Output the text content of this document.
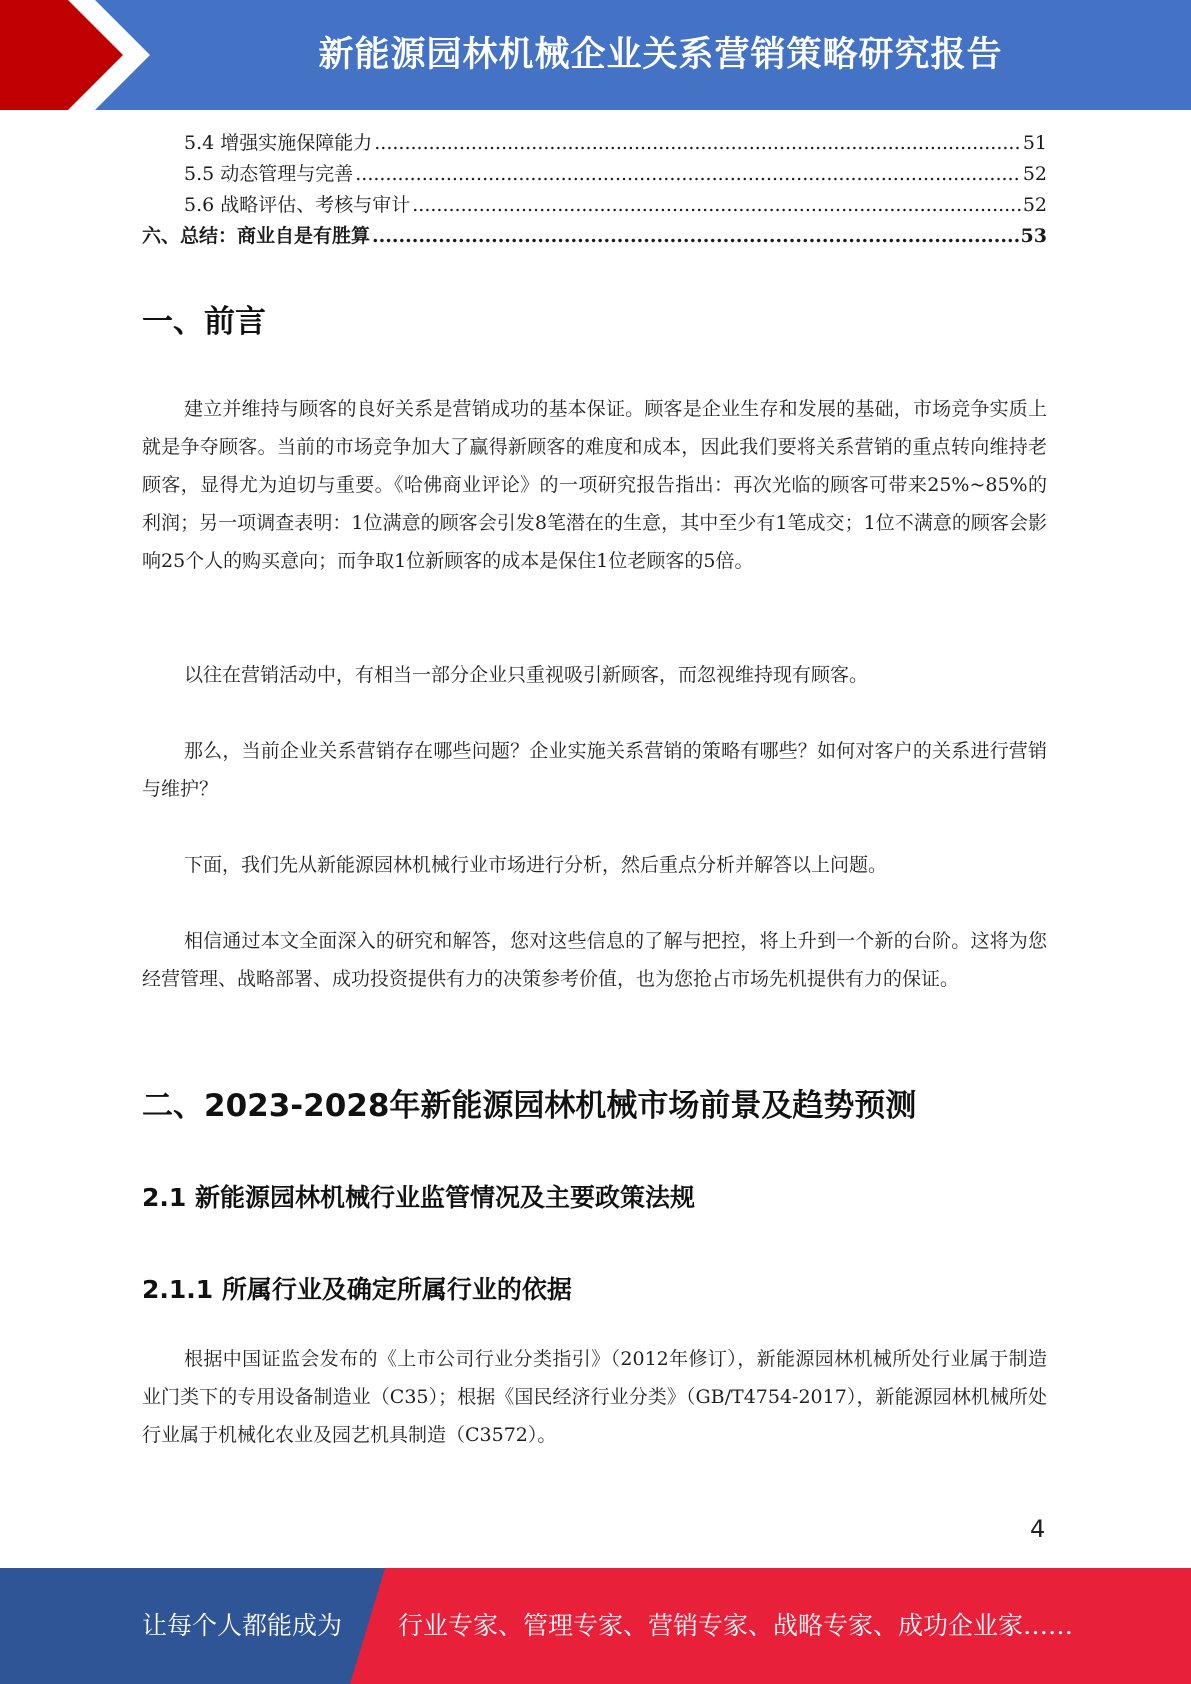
新能源园林机械企业关系营销策略研究报告
5.4 增强实施保障能力 .....	51
5.5 动态管理与完善 .....	52
5.6 战略评估、考核与审计 .....	52
六、总结：商业自是有胜算 .....	53
一、前言

建立并维持与顾客的良好关系是营销成功的基本保证。顾客是企业生存和发展的基础，市场竞争实质上就是争夺顾客。当前的市场竞争加大了赢得新顾客的难度和成本，因此我们要将关系营销的重点转向维持老顾客，显得尤为迫切与重要。《哈佛商业评论》的一项研究报告指出：再次光临的顾客可带来25%~85%的利润；另一项调查表明：1位满意的顾客会引发8笔潜在的生意，其中至少有1笔成交；1位不满意的顾客会影响25个人的购买意向；而争取1位新顾客的成本是保住1位老顾客的5倍。

以往在营销活动中，有相当一部分企业只重视吸引新顾客，而忽视维持现有顾客。

那么，当前企业关系营销存在哪些问题？企业实施关系营销的策略有哪些？如何对客户的关系进行营销与维护？

下面，我们先从新能源园林机械行业市场进行分析，然后重点分析并解答以上问题。

相信通过本文全面深入的研究和解答，您对这些信息的了解与把控，将上升到一个新的台阶。这将为您经营管理、战略部署、成功投资提供有力的决策参考价值，也为您抢占市场先机提供有力的保证。

二、2023-2028年新能源园林机械市场前景及趋势预测
2.1 新能源园林机械行业监管情况及主要政策法规
2.1.1 所属行业及确定所属行业的依据

根据中国证监会发布的《上市公司行业分类指引》（2012年修订），新能源园林机械所处行业属于制造业门类下的专用设备制造业（C35）；根据《国民经济行业分类》（GB/T4754-2017），新能源园林机械所处行业属于机械化农业及园艺机具制造（C3572）。

4
让每个人都能成为 行业专家、管理专家、营销专家、战略专家、成功企业家……
